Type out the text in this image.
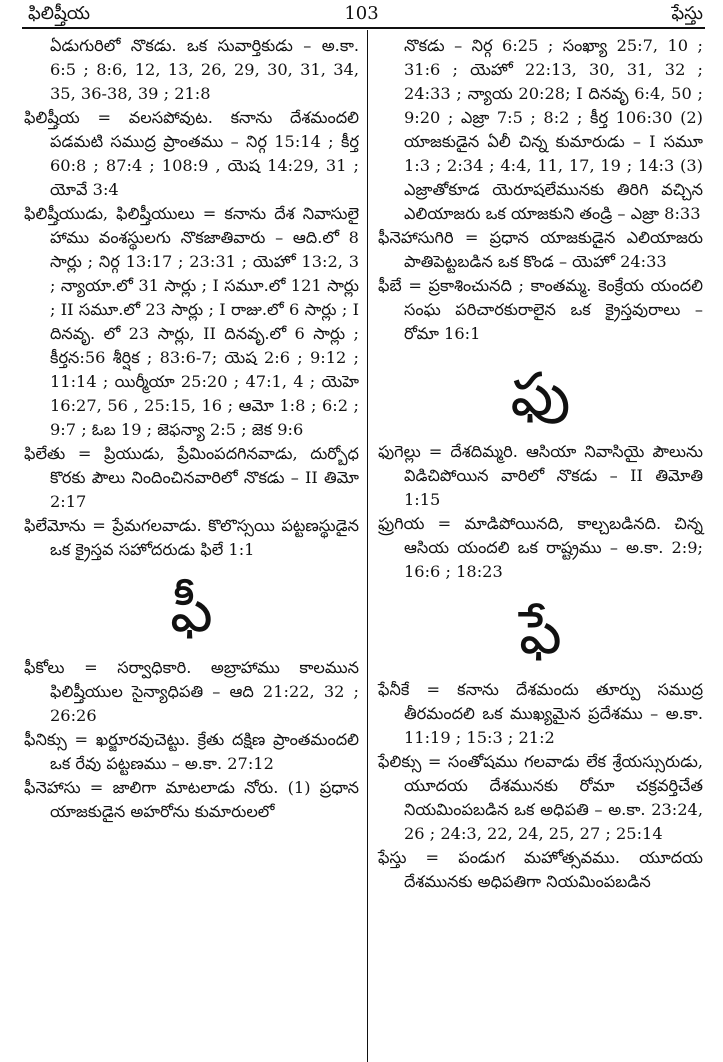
ఫిలిష్తీయ	103	ఫేస్తు

ఏడుగురిలో నొకడు. ఒక సువార్తికుడు – అ.కా. 6:5 ; 8:6, 12, 13, 26, 29, 30, 31, 34, 35, 36-38, 39 ; 21:8

ఫిలిష్తీయ = వలసపోవుట. కనాను దేశమందలి పడమటి సముద్ర ప్రాంతము – నిర్గ 15:14 ; కీర్త 60:8 ; 87:4 ; 108:9 , యెష 14:29, 31 ; యోవే 3:4

ఫిలిష్తీయుడు, ఫిలిష్తీయులు = కనాను దేశ నివాసులైె హాము వంశస్థులగు నొకజాతివారు – ఆది.లో 8 సార్లు ; నిర్గ 13:17 ; 23:31 ; యెహో 13:2, 3 ; న్యాయా.లో 31 సార్లు ; I సమూ.లో 121 సార్లు ; II సమూ.లో 23 సార్లు ; I రాజు.లో 6 సార్లు ; I దినవృ. లో 23 సార్లు, II దినవృ.లో 6 సార్లు ; కీర్తన:56 శీర్షిక ; 83:6-7; యెష 2:6 ; 9:12 ; 11:14 ; యిర్మీయా 25:20 ; 47:1, 4 ; యెహె 16:27, 56 , 25:15, 16 ; ఆమో 1:8 ; 6:2 ; 9:7 ; ఓబ 19 ; జెఫన్యా 2:5 ; జెక 9:6

ఫిలేతు = ప్రియుడు, ప్రేమింపదగినవాడు, దుర్బోధ కొరకు పౌలు నిందించినవారిలో నొకడు – II తిమో 2:17

ఫిలేమోను = ప్రేమగలవాడు. కొలొస్సయి పట్టణస్థుడైన ఒక క్రైస్తవ సహోదరుడు ఫిలే 1:1

ఫీ

ఫీకోలు = సర్వాధికారి. అబ్రాహాము కాలమున ఫిలిష్తీయుల సైన్యాధిపతి – ఆది 21:22, 32 ; 26:26

ఫీనిక్సు = ఖర్జూరవుచెట్టు. క్రేతు దక్షిణ ప్రాంతమందలి ఒక రేవు పట్టణము – అ.కా. 27:12

ఫీనెహాసు = జాలిగా మాటలాడు నోరు. (1) ప్రధాన యాజకుడైన అహరోను కుమారులలో

నొకడు – నిర్గ 6:25 ; సంఖ్యా 25:7, 10 ; 31:6 ; యెహో 22:13, 30, 31, 32 ; 24:33 ; న్యాయ 20:28; I దినవృ 6:4, 50 ; 9:20 ; ఎజ్రా 7:5 ; 8:2 ; కీర్త 106:30 (2) యాజకుడైన ఏలీ చిన్న కుమారుడు – I సమూ 1:3 ; 2:34 ; 4:4, 11, 17, 19 ; 14:3 (3) ఎజ్రాతోకూడ యెరూషలేమునకు తిరిగి వచ్చిన ఎలియాజరు ఒక యాజకుని తండ్రి – ఎజ్రా 8:33

ఫీనెహాసుగిరి = ప్రధాన యాజకుడైన ఎలియాజరు పాతిపెట్టబడిన ఒక కొండ – యెహో 24:33

ఫీబే = ప్రకాశించునది ; కాంతమ్మ. కెంక్రేయ యందలి సంఘ పరిచారకురాలైన ఒక క్రైస్తవురాలు – రోమా 16:1

ఫు

ఫుగెల్లు = దేశదిమ్మరి. ఆసియా నివాసియై పౌలును విడిచిపోయిన వారిలో నొకడు – II తిమోతి 1:15

ఫ్రుగియ = మాడిపోయినది, కాల్చబడినది. చిన్న ఆసియ యందలి ఒక రాష్ట్రము – అ.కా. 2:9; 16:6 ; 18:23

ఫే

ఫేనీకే = కనాను దేశమందు తూర్పు సముద్ర తీరమందలి ఒక ముఖ్యమైన ప్రదేశము – అ.కా. 11:19 ; 15:3 ; 21:2

ఫేలిక్సు = సంతోషము గలవాడు లేక శ్రేయస్సురుడు, యూదయ దేశమునకు రోమా చక్రవర్తిచేత నియమింపబడిన ఒక అధిపతి – అ.కా. 23:24, 26 ; 24:3, 22, 24, 25, 27 ; 25:14

ఫేస్తు = పండుగ మహోత్సవము. యూదయ దేశమునకు అధిపతిగా నియమింపబడిన
